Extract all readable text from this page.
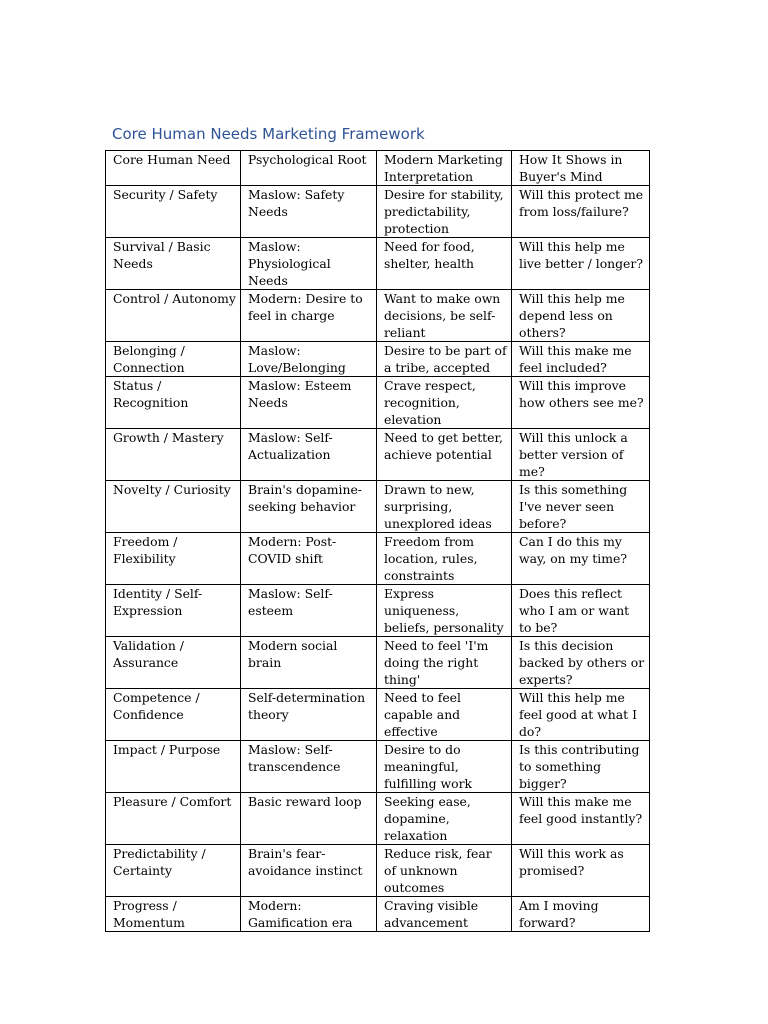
Core Human Needs Marketing Framework
Core Human Need	Psychological Root	Modern Marketing Interpretation	How It Shows in Buyer's Mind
Security / Safety	Maslow: Safety Needs	Desire for stability, predictability, protection	Will this protect me from loss/failure?
Survival / Basic Needs	Maslow: Physiological Needs	Need for food, shelter, health	Will this help me live better / longer?
Control / Autonomy	Modern: Desire to feel in charge	Want to make own decisions, be self-reliant	Will this help me depend less on others?
Belonging / Connection	Maslow: Love/Belonging	Desire to be part of a tribe, accepted	Will this make me feel included?
Status / Recognition	Maslow: Esteem Needs	Crave respect, recognition, elevation	Will this improve how others see me?
Growth / Mastery	Maslow: Self-Actualization	Need to get better, achieve potential	Will this unlock a better version of me?
Novelty / Curiosity	Brain's dopamine-seeking behavior	Drawn to new, surprising, unexplored ideas	Is this something I've never seen before?
Freedom / Flexibility	Modern: Post-COVID shift	Freedom from location, rules, constraints	Can I do this my way, on my time?
Identity / Self-Expression	Maslow: Self-esteem	Express uniqueness, beliefs, personality	Does this reflect who I am or want to be?
Validation / Assurance	Modern social brain	Need to feel 'I'm doing the right thing'	Is this decision backed by others or experts?
Competence / Confidence	Self-determination theory	Need to feel capable and effective	Will this help me feel good at what I do?
Impact / Purpose	Maslow: Self-transcendence	Desire to do meaningful, fulfilling work	Is this contributing to something bigger?
Pleasure / Comfort	Basic reward loop	Seeking ease, dopamine, relaxation	Will this make me feel good instantly?
Predictability / Certainty	Brain's fear-avoidance instinct	Reduce risk, fear of unknown outcomes	Will this work as promised?
Progress / Momentum	Modern: Gamification era	Craving visible advancement	Am I moving forward?
